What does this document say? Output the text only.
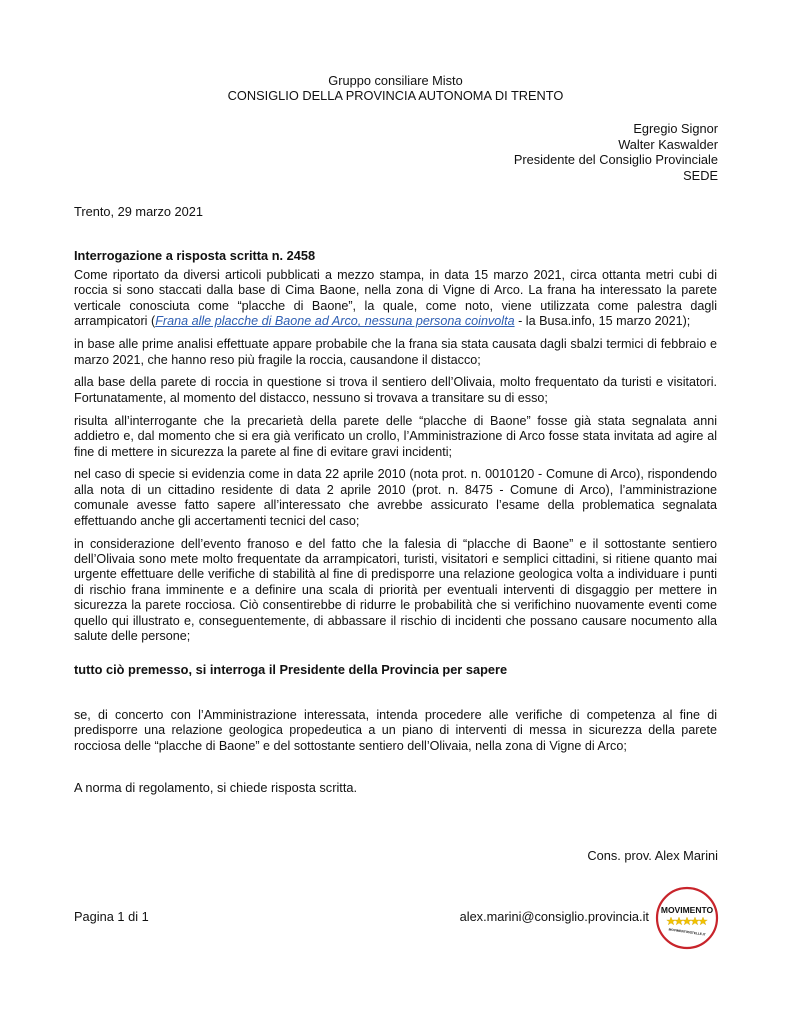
Gruppo consiliare Misto
CONSIGLIO DELLA PROVINCIA AUTONOMA DI TRENTO
Egregio Signor
Walter Kaswalder
Presidente del Consiglio Provinciale
SEDE
Trento, 29 marzo 2021
Interrogazione a risposta scritta n. 2458

Come riportato da diversi articoli pubblicati a mezzo stampa, in data 15 marzo 2021, circa ottanta metri cubi di roccia si sono staccati dalla base di Cima Baone, nella zona di Vigne di Arco. La frana ha interessato la parete verticale conosciuta come “placche di Baone”, la quale, come noto, viene utilizzata come palestra dagli arrampicatori (Frana alle placche di Baone ad Arco, nessuna persona coinvolta - la Busa.info, 15 marzo 2021);

in base alle prime analisi effettuate appare probabile che la frana sia stata causata dagli sbalzi termici di febbraio e marzo 2021, che hanno reso più fragile la roccia, causandone il distacco;

alla base della parete di roccia in questione si trova il sentiero dell’Olivaia, molto frequentato da turisti e visitatori. Fortunatamente, al momento del distacco, nessuno si trovava a transitare su di esso;

risulta all’interrogante che la precarietà della parete delle “placche di Baone” fosse già stata segnalata anni addietro e, dal momento che si era già verificato un crollo, l’Amministrazione di Arco fosse stata invitata ad agire al fine di mettere in sicurezza la parete al fine di evitare gravi incidenti;

nel caso di specie si evidenzia come in data 22 aprile 2010 (nota prot. n. 0010120 - Comune di Arco), rispondendo alla nota di un cittadino residente di data 2 aprile 2010 (prot. n. 8475 - Comune di Arco), l’amministrazione comunale avesse fatto sapere all’interessato che avrebbe assicurato l’esame della problematica segnalata effettuando anche gli accertamenti tecnici del caso;

in considerazione dell’evento franoso e del fatto che la falesia di “placche di Baone” e il sottostante sentiero dell’Olivaia sono mete molto frequentate da arrampicatori, turisti, visitatori e semplici cittadini, si ritiene quanto mai urgente effettuare delle verifiche di stabilità al fine di predisporre una relazione geologica volta a individuare i punti di rischio frana imminente e a definire una scala di priorità per eventuali interventi di disgaggio per mettere in sicurezza la parete rocciosa. Ciò consentirebbe di ridurre le probabilità che si verifichino nuovamente eventi come quello qui illustrato e, conseguentemente, di abbassare il rischio di incidenti che possano causare nocumento alla salute delle persone;

tutto ciò premesso, si interroga il Presidente della Provincia per sapere

se, di concerto con l’Amministrazione interessata, intenda procedere alle verifiche di competenza al fine di predisporre una relazione geologica propedeutica a un piano di interventi di messa in sicurezza della parete rocciosa delle “placche di Baone” e del sottostante sentiero dell’Olivaia, nella zona di Vigne di Arco;

A norma di regolamento, si chiede risposta scritta.
Cons. prov. Alex Marini
Pagina 1 di 1	alex.marini@consiglio.provincia.it MOVIMENTO
MOVIMENTO5STELLE.IT
